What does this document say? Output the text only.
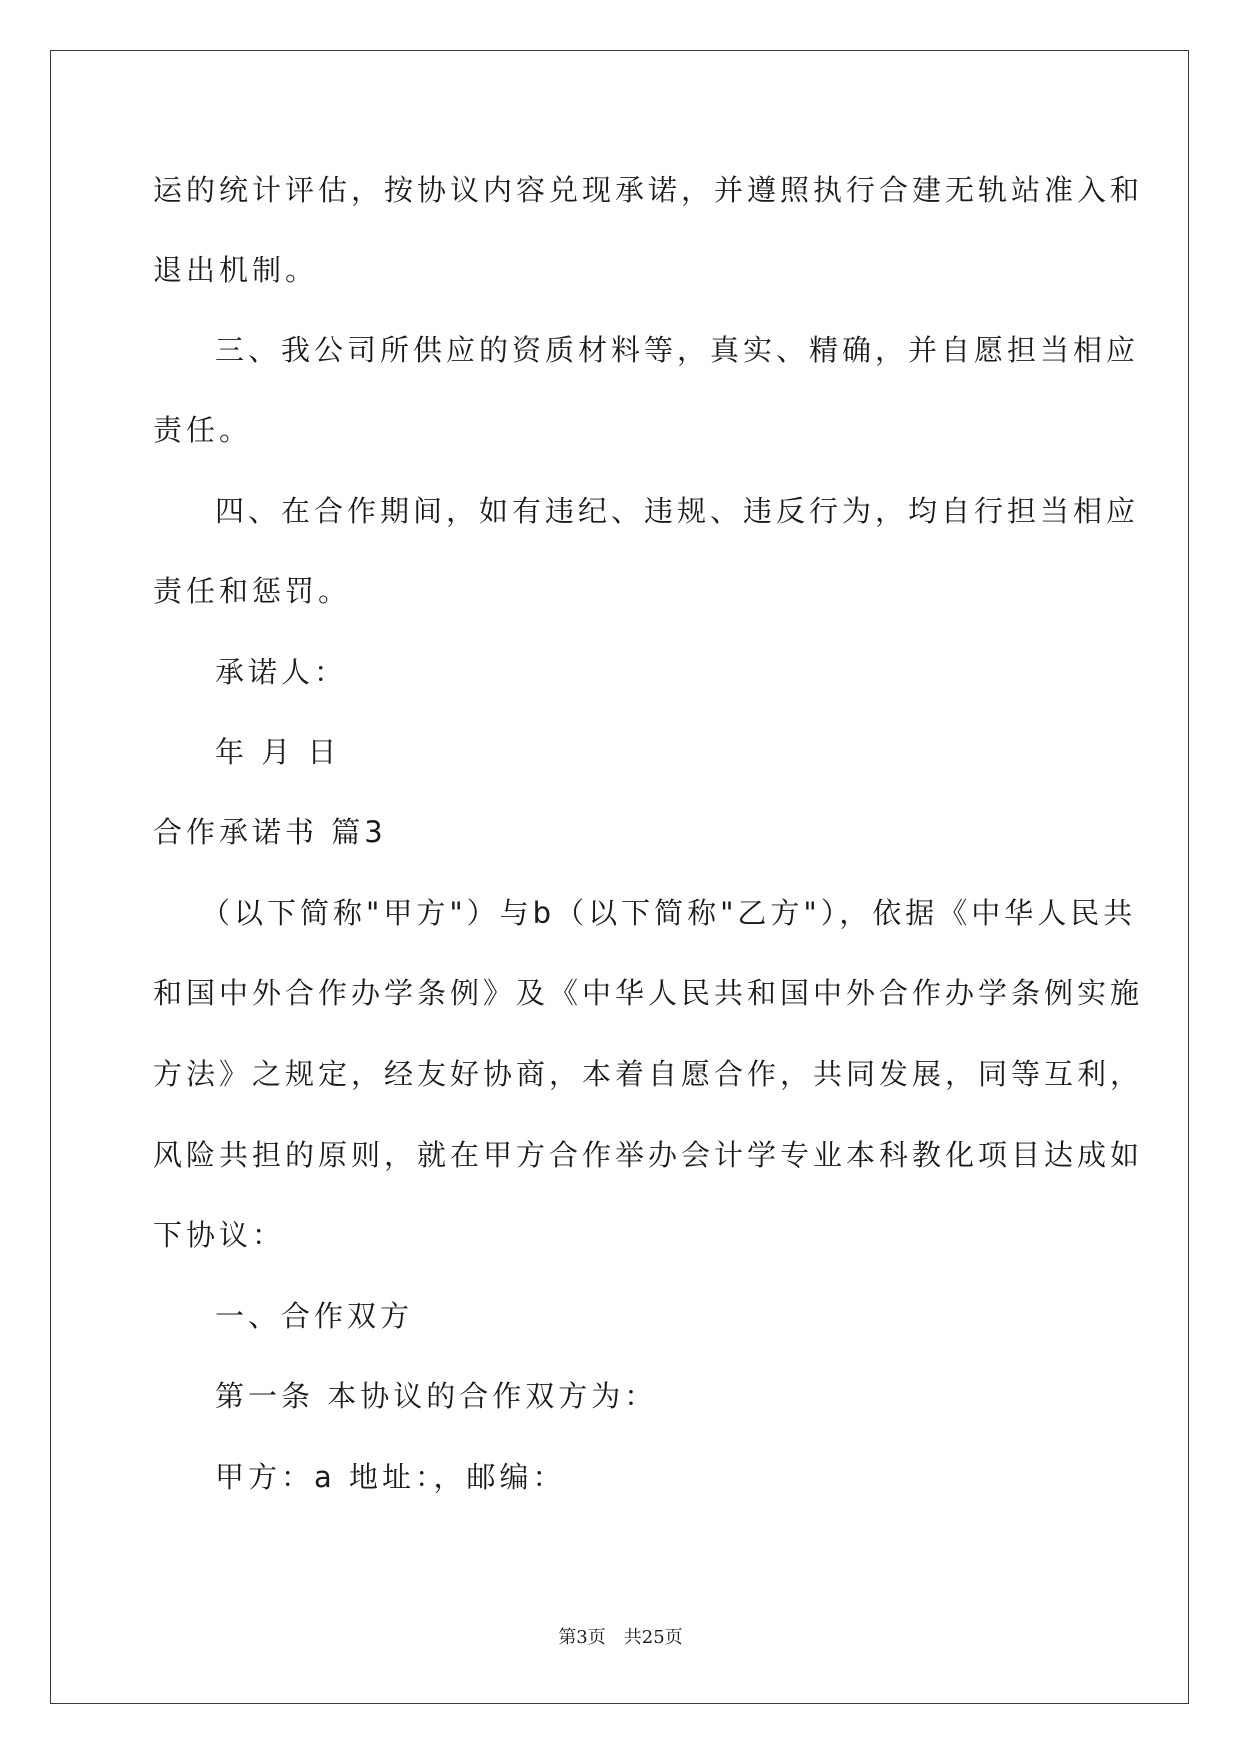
运的统计评估，按协议内容兑现承诺，并遵照执行合建无轨站准入和
退出机制。
三、我公司所供应的资质材料等，真实、精确，并自愿担当相应
责任。
四、在合作期间，如有违纪、违规、违反行为，均自行担当相应
责任和惩罚。
承诺人：
年 月 日
合作承诺书 篇3
（以下简称"甲方"）与b（以下简称"乙方"），依据《中华人民共
和国中外合作办学条例》及《中华人民共和国中外合作办学条例实施
方法》之规定，经友好协商，本着自愿合作，共同发展，同等互利，
风险共担的原则，就在甲方合作举办会计学专业本科教化项目达成如
下协议：
一、合作双方
第一条 本协议的合作双方为：
甲方：a 地址：，邮编：
第3页 共25页
